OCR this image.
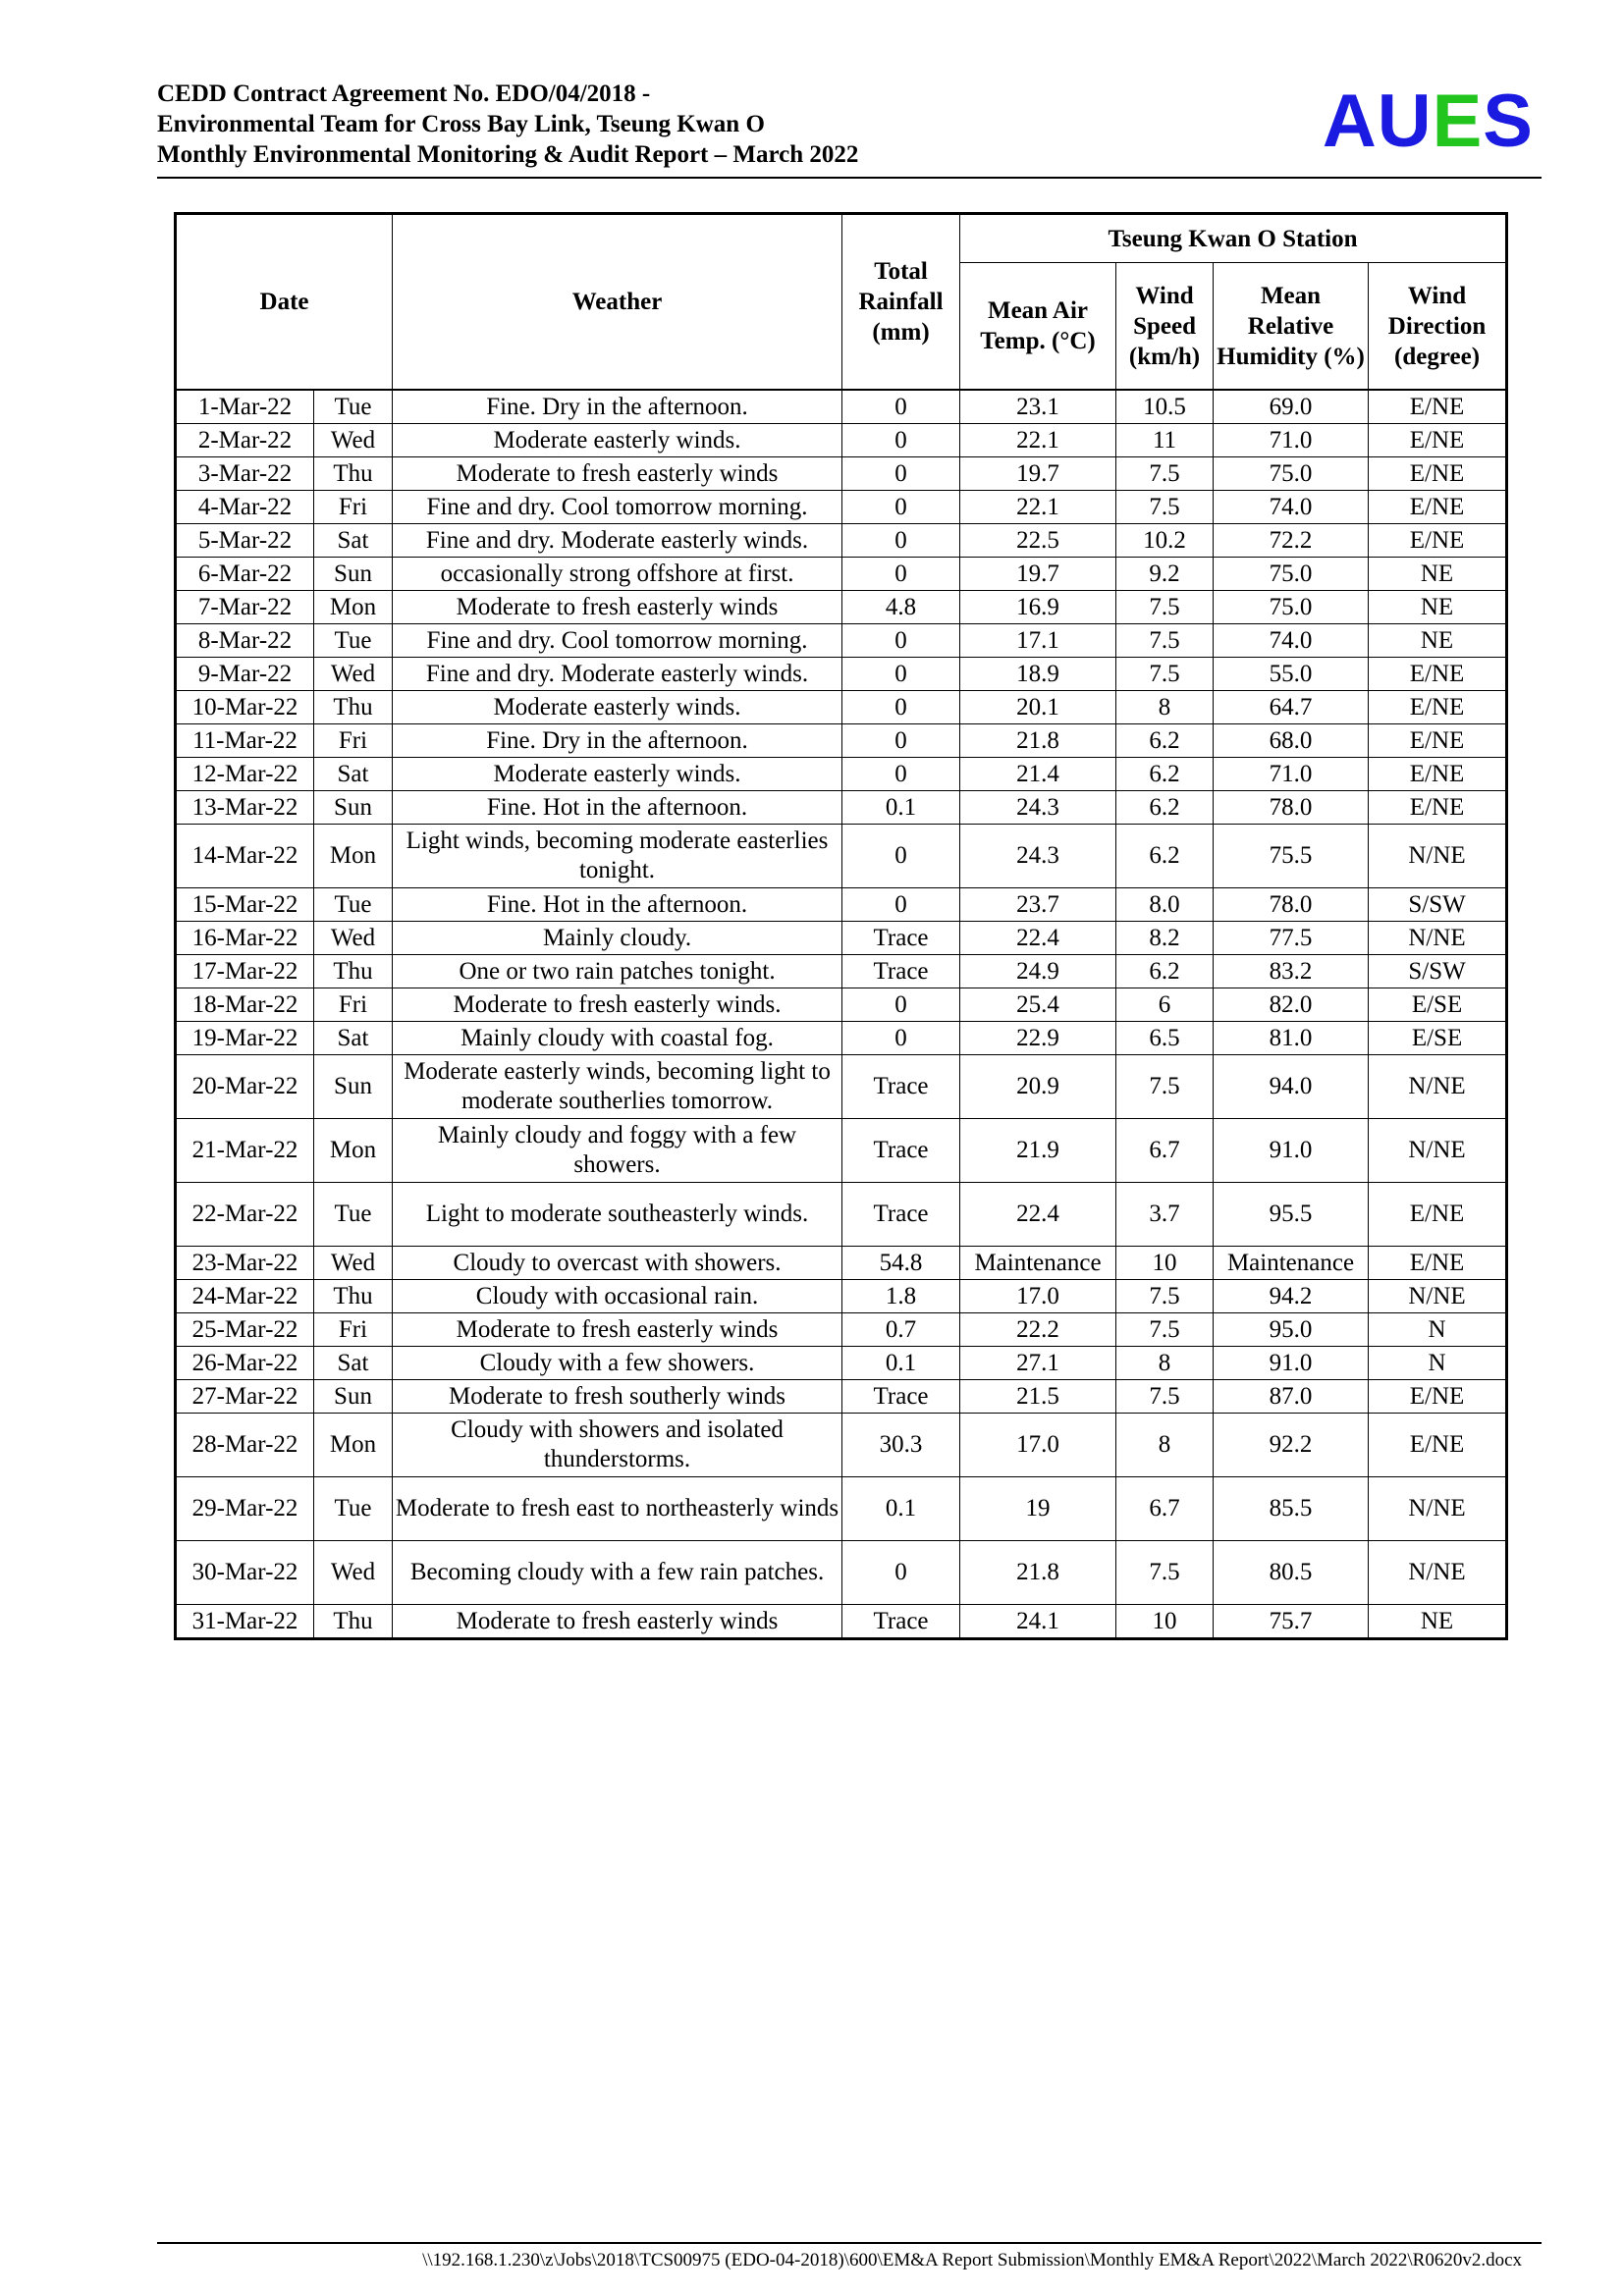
CEDD Contract Agreement No. EDO/04/2018 -
Environmental Team for Cross Bay Link, Tseung Kwan O
Monthly Environmental Monitoring & Audit Report – March 2022	AUES
Date		Weather	Total Rainfall (mm)	Tseung Kwan O Station			
				Mean Air Temp. (°C)	Wind Speed (km/h)	Mean Relative Humidity (%)	Wind Direction (degree)
1-Mar-22	Tue	Fine. Dry in the afternoon.	0	23.1	10.5	69.0	E/NE
2-Mar-22	Wed	Moderate easterly winds.	0	22.1	11	71.0	E/NE
3-Mar-22	Thu	Moderate to fresh easterly winds	0	19.7	7.5	75.0	E/NE
4-Mar-22	Fri	Fine and dry. Cool tomorrow morning.	0	22.1	7.5	74.0	E/NE
5-Mar-22	Sat	Fine and dry. Moderate easterly winds.	0	22.5	10.2	72.2	E/NE
6-Mar-22	Sun	occasionally strong offshore at first.	0	19.7	9.2	75.0	NE
7-Mar-22	Mon	Moderate to fresh easterly winds	4.8	16.9	7.5	75.0	NE
8-Mar-22	Tue	Fine and dry. Cool tomorrow morning.	0	17.1	7.5	74.0	NE
9-Mar-22	Wed	Fine and dry. Moderate easterly winds.	0	18.9	7.5	55.0	E/NE
10-Mar-22	Thu	Moderate easterly winds.	0	20.1	8	64.7	E/NE
11-Mar-22	Fri	Fine. Dry in the afternoon.	0	21.8	6.2	68.0	E/NE
12-Mar-22	Sat	Moderate easterly winds.	0	21.4	6.2	71.0	E/NE
13-Mar-22	Sun	Fine. Hot in the afternoon.	0.1	24.3	6.2	78.0	E/NE
14-Mar-22	Mon	Light winds, becoming moderate easterlies tonight.	0	24.3	6.2	75.5	N/NE
15-Mar-22	Tue	Fine. Hot in the afternoon.	0	23.7	8.0	78.0	S/SW
16-Mar-22	Wed	Mainly cloudy.	Trace	22.4	8.2	77.5	N/NE
17-Mar-22	Thu	One or two rain patches tonight.	Trace	24.9	6.2	83.2	S/SW
18-Mar-22	Fri	Moderate to fresh easterly winds.	0	25.4	6	82.0	E/SE
19-Mar-22	Sat	Mainly cloudy with coastal fog.	0	22.9	6.5	81.0	E/SE
20-Mar-22	Sun	Moderate easterly winds, becoming light to moderate southerlies tomorrow.	Trace	20.9	7.5	94.0	N/NE
21-Mar-22	Mon	Mainly cloudy and foggy with a few showers.	Trace	21.9	6.7	91.0	N/NE
22-Mar-22	Tue	Light to moderate southeasterly winds.	Trace	22.4	3.7	95.5	E/NE
23-Mar-22	Wed	Cloudy to overcast with showers.	54.8	Maintenance	10	Maintenance	E/NE
24-Mar-22	Thu	Cloudy with occasional rain.	1.8	17.0	7.5	94.2	N/NE
25-Mar-22	Fri	Moderate to fresh easterly winds	0.7	22.2	7.5	95.0	N
26-Mar-22	Sat	Cloudy with a few showers.	0.1	27.1	8	91.0	N
27-Mar-22	Sun	Moderate to fresh southerly winds	Trace	21.5	7.5	87.0	E/NE
28-Mar-22	Mon	Cloudy with showers and isolated thunderstorms.	30.3	17.0	8	92.2	E/NE
29-Mar-22	Tue	Moderate to fresh east to northeasterly winds	0.1	19	6.7	85.5	N/NE
30-Mar-22	Wed	Becoming cloudy with a few rain patches.	0	21.8	7.5	80.5	N/NE
31-Mar-22	Thu	Moderate to fresh easterly winds	Trace	24.1	10	75.7	NE
\\192.168.1.230\z\Jobs\2018\TCS00975 (EDO-04-2018)\600\EM&A Report Submission\Monthly EM&A Report\2022\March 2022\R0620v2.docx
